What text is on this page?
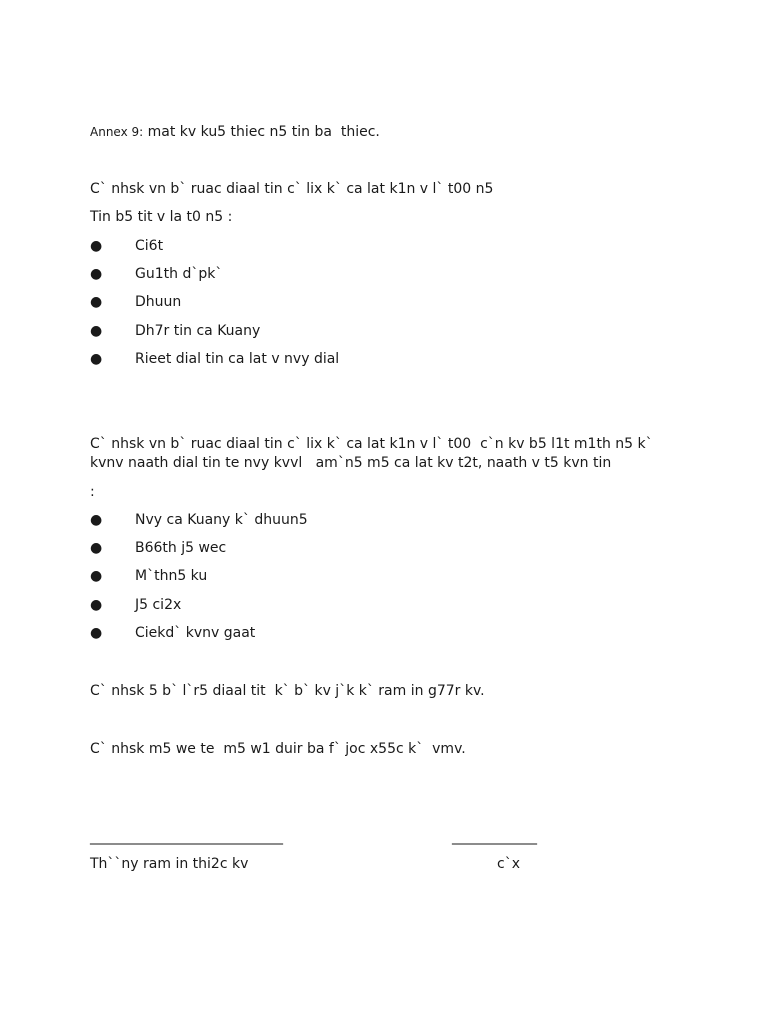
Annex 9: mat kv ku5 thiec n5 tin ba  thiec.
C` nhsk vn b` ruac diaal tin c` lix k` ca lat k1n v l` t00 n5
Tin b5 tit v la t0 n5 :
● Ci6t
● Gu1th d`pk`
● Dhuun
● Dh7r tin ca Kuany
● Rieet dial tin ca lat v nvy dial
C` nhsk vn b` ruac diaal tin c` lix k` ca lat k1n v l` t00  c`n kv b5 l1t m1th n5 k` kvnv naath dial tin te nvy kvvl   am`n5 m5 ca lat kv t2t, naath v t5 kvn tin
:
● Nvy ca Kuany k` dhuun5
● B66th j5 wec
● M`thn5 ku
● J5 ci2x
● Ciekd` kvnv gaat
C` nhsk 5 b` l`r5 diaal tit  k` b` kv j`k k` ram in g77r kv.
C` nhsk m5 we te  m5 w1 duir ba f` joc x55c k`  vmv.
________________________________	______________
Th``ny ram in thi2c kv	c`x
